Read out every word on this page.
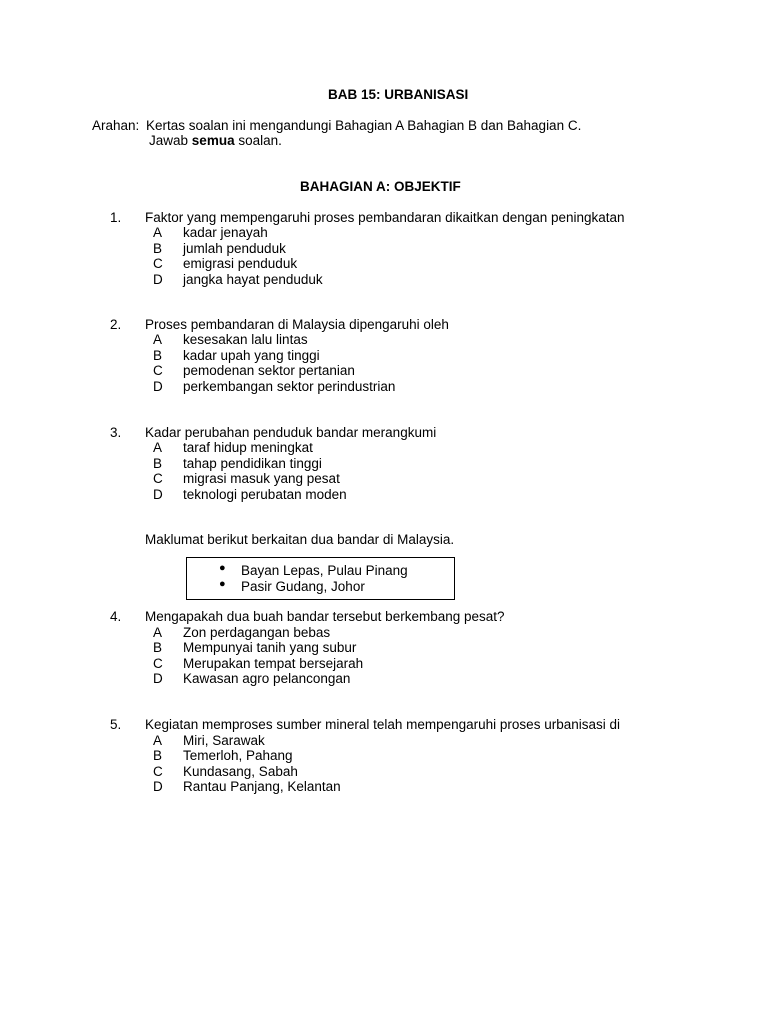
BAB 15: URBANISASI
Arahan: Kertas soalan ini mengandungi Bahagian A Bahagian B dan Bahagian C.
Jawab semua soalan.
BAHAGIAN A: OBJEKTIF
1. Faktor yang mempengaruhi proses pembandaran dikaitkan dengan peningkatan
A kadar jenayah
B jumlah penduduk
C emigrasi penduduk
D jangka hayat penduduk
2. Proses pembandaran di Malaysia dipengaruhi oleh
A kesesakan lalu lintas
B kadar upah yang tinggi
C pemodenan sektor pertanian
D perkembangan sektor perindustrian
3. Kadar perubahan penduduk bandar merangkumi
A taraf hidup meningkat
B tahap pendidikan tinggi
C migrasi masuk yang pesat
D teknologi perubatan moden
Maklumat berikut berkaitan dua bandar di Malaysia.
● Bayan Lepas, Pulau Pinang
● Pasir Gudang, Johor
4. Mengapakah dua buah bandar tersebut berkembang pesat?
A Zon perdagangan bebas
B Mempunyai tanih yang subur
C Merupakan tempat bersejarah
D Kawasan agro pelancongan
5. Kegiatan memproses sumber mineral telah mempengaruhi proses urbanisasi di
A Miri, Sarawak
B Temerloh, Pahang
C Kundasang, Sabah
D Rantau Panjang, Kelantan
